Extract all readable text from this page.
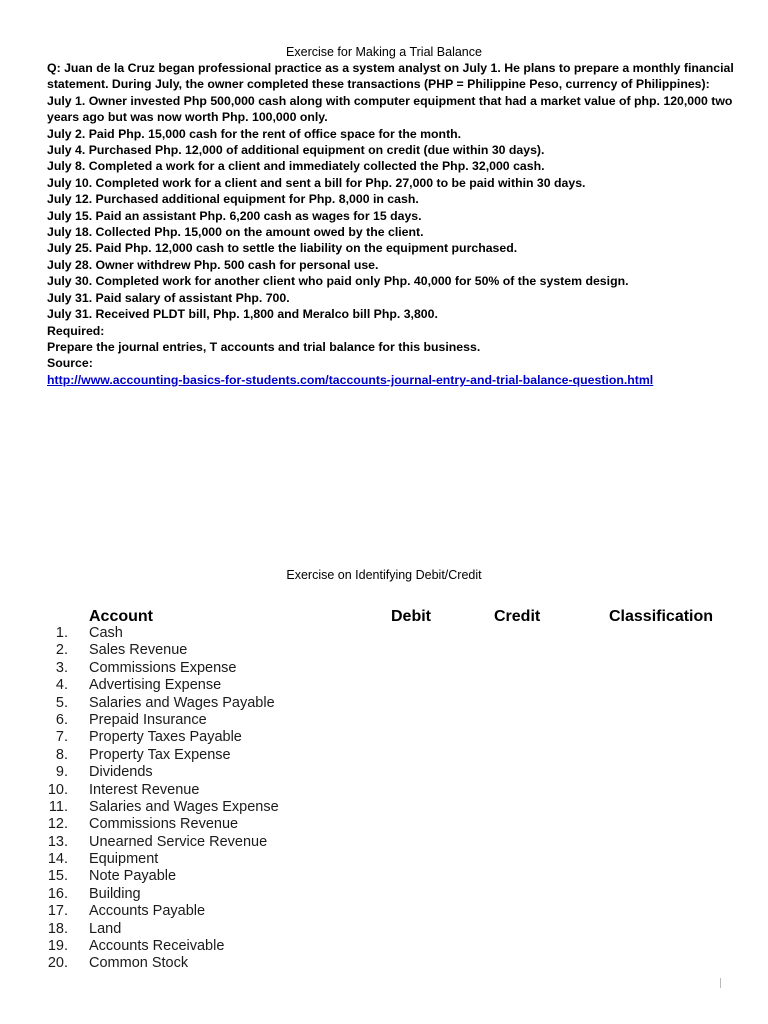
Exercise for Making a Trial Balance

Q: Juan de la Cruz began professional practice as a system analyst on July 1. He plans to prepare a monthly financial statement. During July, the owner completed these transactions (PHP = Philippine Peso, currency of Philippines):

July 1. Owner invested Php 500,000 cash along with computer equipment that had a market value of php. 120,000 two years ago but was now worth Php. 100,000 only.

July 2. Paid Php. 15,000 cash for the rent of office space for the month.

July 4. Purchased Php. 12,000 of additional equipment on credit (due within 30 days).

July 8. Completed a work for a client and immediately collected the Php. 32,000 cash.

July 10. Completed work for a client and sent a bill for Php. 27,000 to be paid within 30 days.

July 12. Purchased additional equipment for Php. 8,000 in cash.

July 15. Paid an assistant Php. 6,200 cash as wages for 15 days.

July 18. Collected Php. 15,000 on the amount owed by the client.

July 25. Paid Php. 12,000 cash to settle the liability on the equipment purchased.

July 28. Owner withdrew Php. 500 cash for personal use.

July 30. Completed work for another client who paid only Php. 40,000 for 50% of the system design.

July 31. Paid salary of assistant Php. 700.

July 31. Received PLDT bill, Php. 1,800 and Meralco bill Php. 3,800.

Required:

Prepare the journal entries, T accounts and trial balance for this business.

Source:

http://www.accounting-basics-for-students.com/taccounts-journal-entry-and-trial-balance-question.html

Exercise on Identifying Debit/Credit
Account	Debit	Credit	Classification
1. Cash
2. Sales Revenue
3. Commissions Expense
4. Advertising Expense
5. Salaries and Wages Payable
6. Prepaid Insurance
7. Property Taxes Payable
8. Property Tax Expense
9. Dividends
10. Interest Revenue
11. Salaries and Wages Expense
12. Commissions Revenue
13. Unearned Service Revenue
14. Equipment
15. Note Payable
16. Building
17. Accounts Payable
18. Land
19. Accounts Receivable
20. Common Stock
